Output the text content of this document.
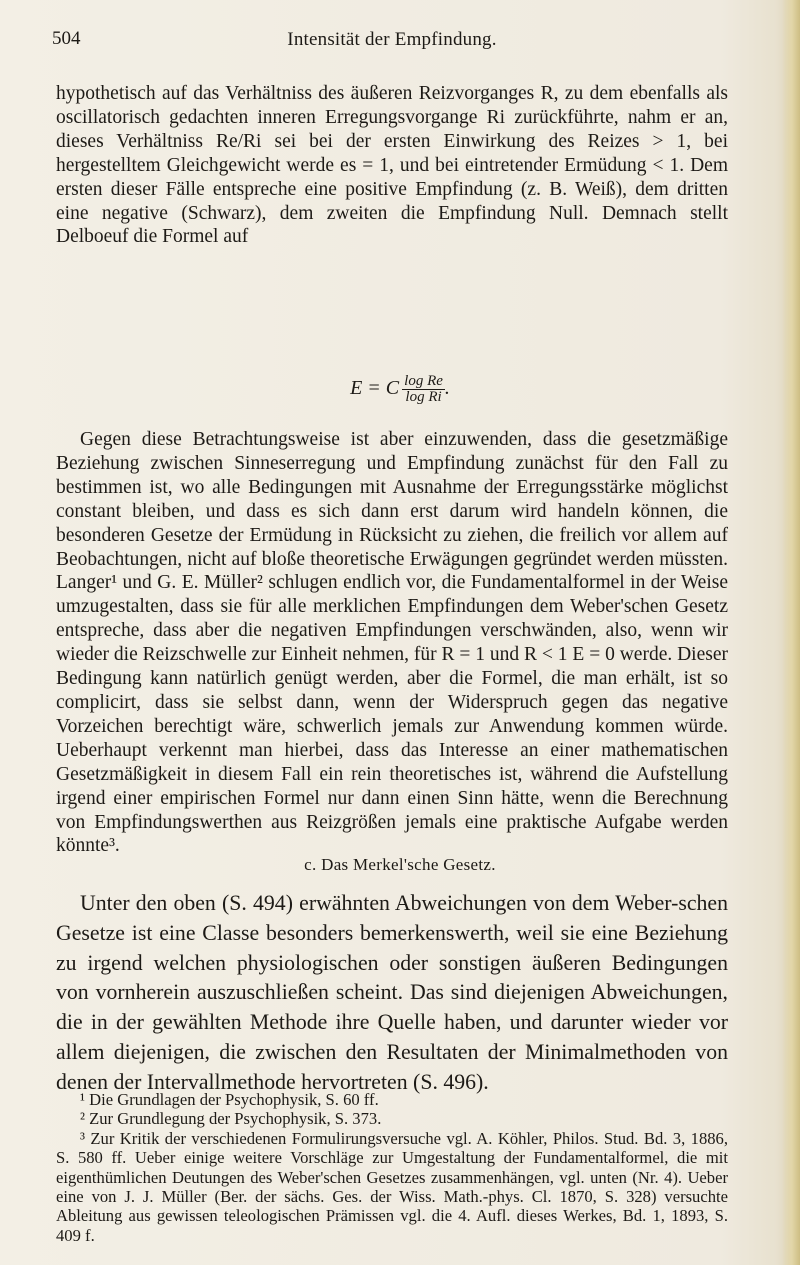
504	Intensität der Empfindung.

hypothetisch auf das Verhältniss des äußeren Reizvorganges R, zu dem ebenfalls als oscillatorisch gedachten inneren Erregungsvorgange Ri zurückführte, nahm er an, dieses Verhältniss Re/Ri sei bei der ersten Einwirkung des Reizes > 1, bei hergestelltem Gleichgewicht werde es = 1, und bei eintretender Ermüdung < 1. Dem ersten dieser Fälle entspreche eine positive Empfindung (z. B. Weiß), dem dritten eine negative (Schwarz), dem zweiten die Empfindung Null. Demnach stellt Delboeuf die Formel auf

E = C $\frac{\text{log Re}}{\text{log Ri}}$ .

Gegen diese Betrachtungsweise ist aber einzuwenden, dass die gesetzmäßige Beziehung zwischen Sinneserregung und Empfindung zunächst für den Fall zu bestimmen ist, wo alle Bedingungen mit Ausnahme der Erregungsstärke möglichst constant bleiben, und dass es sich dann erst darum wird handeln können, die besonderen Gesetze der Ermüdung in Rücksicht zu ziehen, die freilich vor allem auf Beobachtungen, nicht auf bloße theoretische Erwägungen gegründet werden müssten. Langer¹ und G. E. Müller² schlugen endlich vor, die Fundamentalformel in der Weise umzugestalten, dass sie für alle merklichen Empfindungen dem Weber'schen Gesetz entspreche, dass aber die negativen Empfindungen verschwänden, also, wenn wir wieder die Reizschwelle zur Einheit nehmen, für R = 1 und R < 1 E = 0 werde. Dieser Bedingung kann natürlich genügt werden, aber die Formel, die man erhält, ist so complicirt, dass sie selbst dann, wenn der Widerspruch gegen das negative Vorzeichen berechtigt wäre, schwerlich jemals zur Anwendung kommen würde. Ueberhaupt verkennt man hierbei, dass das Interesse an einer mathematischen Gesetzmäßigkeit in diesem Fall ein rein theoretisches ist, während die Aufstellung irgend einer empirischen Formel nur dann einen Sinn hätte, wenn die Berechnung von Empfindungswerthen aus Reizgrößen jemals eine praktische Aufgabe werden könnte³.

c. Das Merkel'sche Gesetz.

Unter den oben (S. 494) erwähnten Abweichungen von dem Weber-schen Gesetze ist eine Classe besonders bemerkenswerth, weil sie eine Beziehung zu irgend welchen physiologischen oder sonstigen äußeren Bedingungen von vornherein auszuschließen scheint. Das sind diejenigen Abweichungen, die in der gewählten Methode ihre Quelle haben, und darunter wieder vor allem diejenigen, die zwischen den Resultaten der Minimalmethoden von denen der Intervallmethode hervortreten (S. 496).

¹ Die Grundlagen der Psychophysik, S. 60 ff.

² Zur Grundlegung der Psychophysik, S. 373.

³ Zur Kritik der verschiedenen Formulirungsversuche vgl. A. Köhler, Philos. Stud. Bd. 3, 1886, S. 580 ff. Ueber einige weitere Vorschläge zur Umgestaltung der Fundamentalformel, die mit eigenthümlichen Deutungen des Weber'schen Gesetzes zusammenhängen, vgl. unten (Nr. 4). Ueber eine von J. J. Müller (Ber. der sächs. Ges. der Wiss. Math.-phys. Cl. 1870, S. 328) versuchte Ableitung aus gewissen teleologischen Prämissen vgl. die 4. Aufl. dieses Werkes, Bd. 1, 1893, S. 409 f.
